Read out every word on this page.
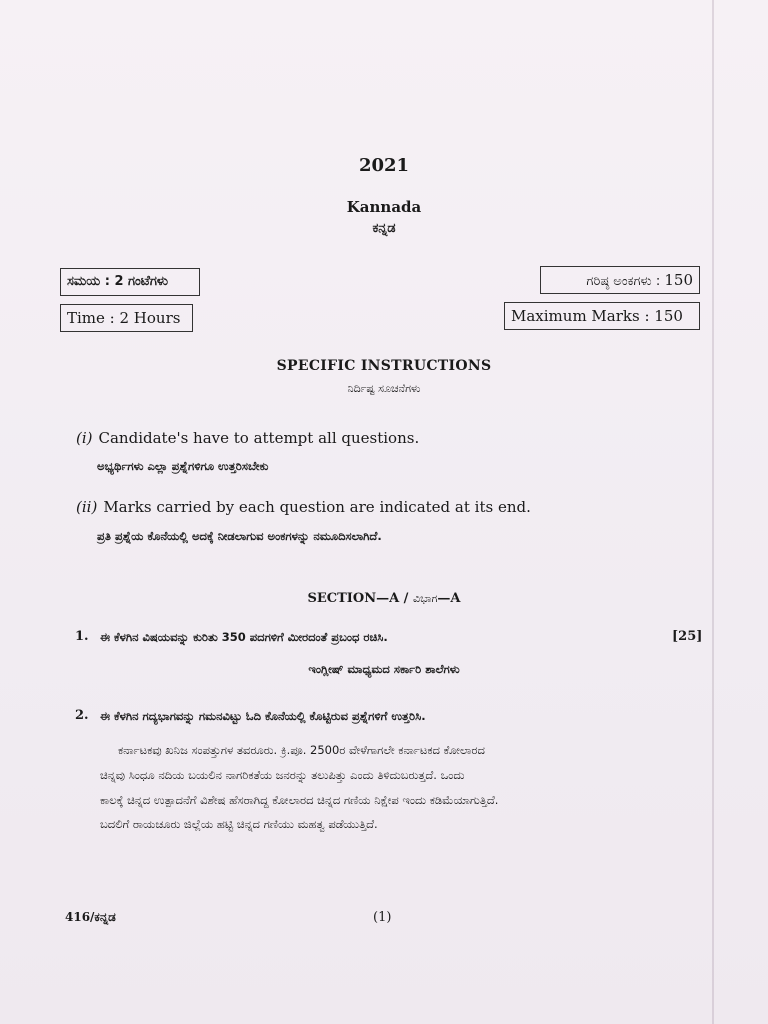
2021
Kannada
ಕನ್ನಡ
ಸಮಯ : 2 ಗಂಟೆಗಳು
Time : 2 Hours
ಗರಿಷ್ಠ ಅಂಕಗಳು : 150
Maximum Marks : 150
SPECIFIC INSTRUCTIONS
ನಿರ್ದಿಷ್ಟ ಸೂಚನೆಗಳು
(i) Candidate's have to attempt all questions.
ಅಭ್ಯರ್ಥಿಗಳು ಎಲ್ಲಾ ಪ್ರಶ್ನೆಗಳಿಗೂ ಉತ್ತರಿಸಬೇಕು
(ii) Marks carried by each question are indicated at its end.
ಪ್ರತಿ ಪ್ರಶ್ನೆಯ ಕೊನೆಯಲ್ಲಿ ಅದಕ್ಕೆ ನೀಡಲಾಗುವ ಅಂಕಗಳನ್ನು ನಮೂದಿಸಲಾಗಿದೆ.
SECTION—A / ವಿಭಾಗ—A
1. ಈ ಕೆಳಗಿನ ವಿಷಯವನ್ನು ಕುರಿತು 350 ಪದಗಳಿಗೆ ಮೀರದಂತೆ ಪ್ರಬಂಧ ರಚಿಸಿ.	[25]
ಇಂಗ್ಲೀಷ್ ಮಾಧ್ಯಮದ ಸರ್ಕಾರಿ ಶಾಲೆಗಳು
2. ಈ ಕೆಳಗಿನ ಗದ್ಯಭಾಗವನ್ನು ಗಮನವಿಟ್ಟು ಓದಿ ಕೊನೆಯಲ್ಲಿ ಕೊಟ್ಟಿರುವ ಪ್ರಶ್ನೆಗಳಿಗೆ ಉತ್ತರಿಸಿ.
ಕರ್ನಾಟಕವು ಖನಿಜ ಸಂಪತ್ತುಗಳ ತವರೂರು. ಕ್ರಿ.ಪೂ. 2500ರ ವೇಳೆಗಾಗಲೇ ಕರ್ನಾಟಕದ ಕೋಲಾರದ
ಚಿನ್ನವು ಸಿಂಧೂ ನದಿಯ ಬಯಲಿನ ನಾಗರಿಕತೆಯ ಜನರನ್ನು ತಲುಪಿತ್ತು ಎಂದು ತಿಳಿದುಬರುತ್ತದೆ. ಒಂದು
ಕಾಲಕ್ಕೆ ಚಿನ್ನದ ಉತ್ಪಾದನೆಗೆ ವಿಶೇಷ ಹೆಸರಾಗಿದ್ದ ಕೋಲಾರದ ಚಿನ್ನದ ಗಣಿಯ ನಿಕ್ಷೇಪ ಇಂದು ಕಡಿಮೆಯಾಗುತ್ತಿದೆ.
ಬದಲಿಗೆ ರಾಯಚೂರು ಜಿಲ್ಲೆಯ ಹಟ್ಟಿ ಚಿನ್ನದ ಗಣಿಯು ಮಹತ್ವ ಪಡೆಯುತ್ತಿದೆ.
416/ಕನ್ನಡ	(1)
